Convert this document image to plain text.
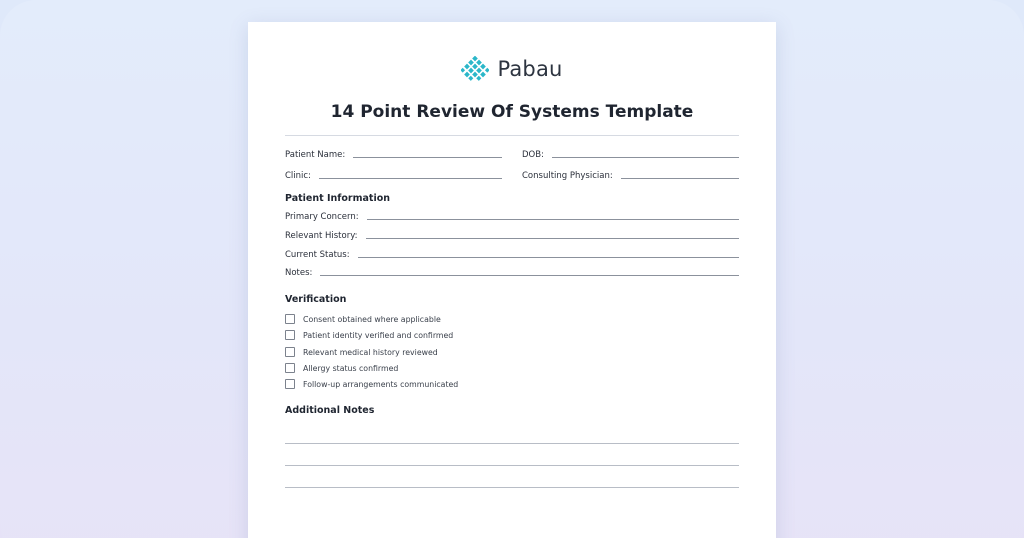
Pabau
14 Point Review Of Systems Template
Patient Name:	DOB:
Clinic:	Consulting Physician:
Patient Information
Primary Concern:
Relevant History:
Current Status:
Notes:
Verification
Consent obtained where applicable
Patient identity verified and confirmed
Relevant medical history reviewed
Allergy status confirmed
Follow-up arrangements communicated
Additional Notes
